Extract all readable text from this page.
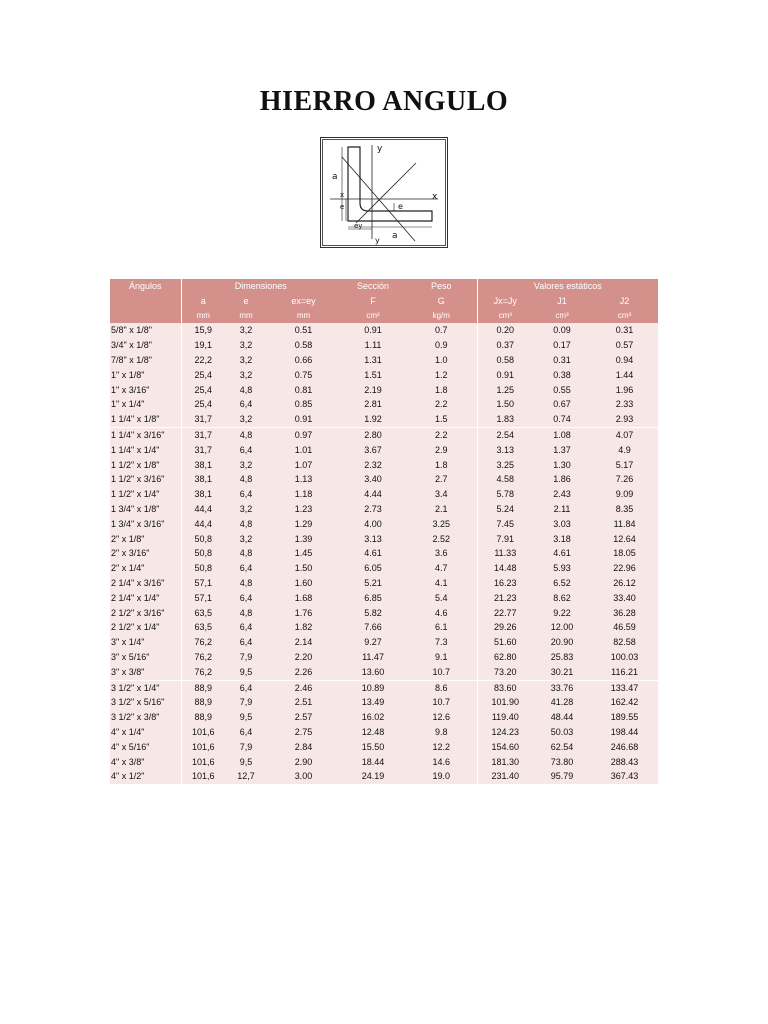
HIERRO ANGULO
y
a
x
e
x
e
ey
a
y
Ángulos	Dimensiones			Sección	Peso	Valores estáticos		
	a	e	ex=ey	F	G	Jx=Jy	J1	J2
	mm	mm	mm	cm²	kg/m	cm³	cm³	cm³
5/8" x 1/8"	15,9	3,2	0.51	0.91	0.7	0.20	0.09	0.31
3/4" x 1/8"	19,1	3,2	0.58	1.11	0.9	0.37	0.17	0.57
7/8" x 1/8"	22,2	3,2	0.66	1.31	1.0	0.58	0.31	0.94
1" x 1/8"	25,4	3,2	0.75	1.51	1.2	0.91	0.38	1.44
1" x 3/16"	25,4	4,8	0.81	2.19	1.8	1.25	0.55	1.96
1" x 1/4"	25,4	6,4	0.85	2.81	2.2	1.50	0.67	2.33
1 1/4" x 1/8"	31,7	3,2	0.91	1.92	1.5	1.83	0.74	2.93
1 1/4" x 3/16"	31,7	4,8	0.97	2.80	2.2	2.54	1.08	4.07
1 1/4" x 1/4"	31,7	6,4	1.01	3.67	2.9	3.13	1.37	4.9
1 1/2" x 1/8"	38,1	3,2	1.07	2.32	1.8	3.25	1.30	5.17
1 1/2" x 3/16"	38,1	4,8	1.13	3.40	2.7	4.58	1.86	7.26
1 1/2" x 1/4"	38,1	6,4	1.18	4.44	3.4	5.78	2.43	9.09
1 3/4" x 1/8"	44,4	3,2	1.23	2.73	2.1	5.24	2.11	8.35
1 3/4" x 3/16"	44,4	4,8	1.29	4.00	3.25	7.45	3.03	11.84
2" x 1/8"	50,8	3,2	1.39	3.13	2.52	7.91	3.18	12.64
2" x 3/16"	50,8	4,8	1.45	4.61	3.6	11.33	4.61	18.05
2" x 1/4"	50,8	6,4	1.50	6.05	4.7	14.48	5.93	22.96
2 1/4" x 3/16"	57,1	4,8	1.60	5.21	4.1	16.23	6.52	26.12
2 1/4" x 1/4"	57,1	6,4	1.68	6.85	5.4	21.23	8.62	33.40
2 1/2" x 3/16"	63,5	4,8	1.76	5.82	4.6	22.77	9.22	36.28
2 1/2" x 1/4"	63,5	6,4	1.82	7.66	6.1	29.26	12.00	46.59
3" x 1/4"	76,2	6,4	2.14	9.27	7.3	51.60	20.90	82.58
3" x 5/16"	76,2	7,9	2.20	11.47	9.1	62.80	25.83	100.03
3" x 3/8"	76,2	9,5	2.26	13.60	10.7	73.20	30.21	116.21
3 1/2" x 1/4"	88,9	6,4	2.46	10.89	8.6	83.60	33.76	133.47
3 1/2" x 5/16"	88,9	7,9	2.51	13.49	10.7	101.90	41.28	162.42
3 1/2" x 3/8"	88,9	9,5	2.57	16.02	12.6	119.40	48.44	189.55
4" x 1/4"	101,6	6,4	2.75	12.48	9.8	124.23	50.03	198.44
4" x 5/16"	101,6	7,9	2.84	15.50	12.2	154.60	62.54	246.68
4" x 3/8"	101,6	9,5	2.90	18.44	14.6	181.30	73.80	288.43
4" x 1/2"	101,6	12,7	3.00	24.19	19.0	231.40	95.79	367.43
